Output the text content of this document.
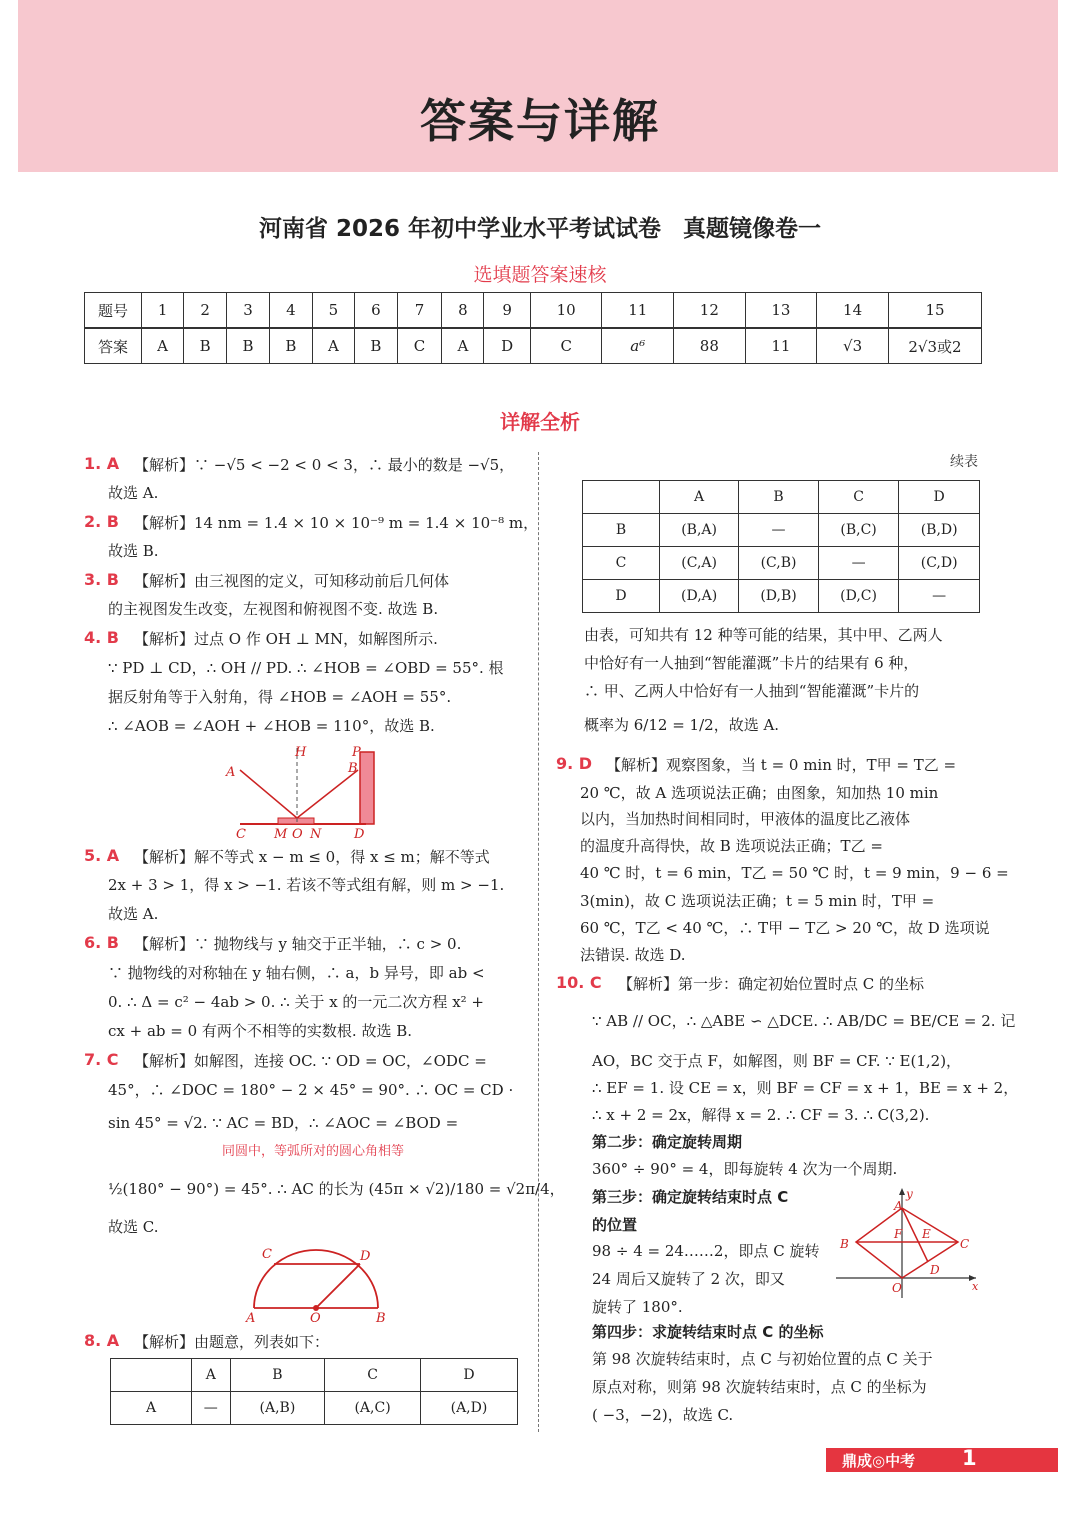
答案与详解
河南省 2026 年初中学业水平考试试卷 真题镜像卷一
选填题答案速核
题号	1	2	3	4	5	6	7	8	9	10	11	12	13	14	15
答案	A	B	B	B	A	B	C	A	D	C	a⁶	88	11	√3	2√3或2
详解全析
1. A 【解析】∵ −√5 < −2 < 0 < 3，∴ 最小的数是 −√5，
故选 A.
2. B 【解析】14 nm = 1.4 × 10 × 10⁻⁹ m = 1.4 × 10⁻⁸ m，
故选 B.
3. B 【解析】由三视图的定义，可知移动前后几何体
的主视图发生改变，左视图和俯视图不变. 故选 B.
4. B 【解析】过点 O 作 OH ⊥ MN，如解图所示.
∵ PD ⊥ CD，∴ OH // PD. ∴ ∠HOB = ∠OBD = 55°. 根
据反射角等于入射角，得 ∠HOB = ∠AOH = 55°.
∴ ∠AOB = ∠AOH + ∠HOB = 110°，故选 B.
A
H	P
B
C M O N	D
5. A 【解析】解不等式 x − m ≤ 0，得 x ≤ m；解不等式
2x + 3 > 1，得 x > −1. 若该不等式组有解，则 m > −1.
故选 A.
6. B 【解析】∵ 抛物线与 y 轴交于正半轴，∴ c > 0.
∵ 抛物线的对称轴在 y 轴右侧，∴ a，b 异号，即 ab <
0. ∴ Δ = c² − 4ab > 0. ∴ 关于 x 的一元二次方程 x² +
cx + ab = 0 有两个不相等的实数根. 故选 B.
7. C 【解析】如解图，连接 OC. ∵ OD = OC，∠ODC =
45°，∴ ∠DOC = 180° − 2 × 45° = 90°. ∴ OC = CD ·
sin 45° = √2. ∵ AC = BD，∴ ∠AOC = ∠BOD =
同圆中，等弧所对的圆心角相等
½(180° − 90°) = 45°. ∴ AC 的长为 (45π × √2)/180 = √2π/4，
故选 C.
C	D
A	O	B
8. A 【解析】由题意，列表如下：
	A	B	C	D
A	—	(A,B)	(A,C)	(A,D)
续表
	A	B	C	D
B	(B,A)	—	(B,C)	(B,D)
C	(C,A)	(C,B)	—	(C,D)
D	(D,A)	(D,B)	(D,C)	—
由表，可知共有 12 种等可能的结果，其中甲、乙两人
中恰好有一人抽到“智能灌溉”卡片的结果有 6 种，
∴ 甲、乙两人中恰好有一人抽到“智能灌溉”卡片的
概率为 6/12 = 1/2，故选 A.
9. D 【解析】观察图象，当 t = 0 min 时，T甲 = T乙 =
20 ℃，故 A 选项说法正确；由图象，知加热 10 min
以内，当加热时间相同时，甲液体的温度比乙液体
的温度升高得快，故 B 选项说法正确；T乙 =
40 ℃ 时，t = 6 min，T乙 = 50 ℃ 时，t = 9 min，9 − 6 =
3(min)，故 C 选项说法正确；t = 5 min 时，T甲 =
60 ℃，T乙 < 40 ℃，∴ T甲 − T乙 > 20 ℃，故 D 选项说
法错误. 故选 D.
10. C 【解析】第一步：确定初始位置时点 C 的坐标
∵ AB // OC，∴ △ABE ∽ △DCE. ∴ AB/DC = BE/CE = 2. 记
AO，BC 交于点 F，如解图，则 BF = CF. ∵ E(1,2)，
∴ EF = 1. 设 CE = x，则 BF = CF = x + 1，BE = x + 2，
∴ x + 2 = 2x，解得 x = 2. ∴ CF = 3. ∴ C(3,2).
第二步：确定旋转周期
360° ÷ 90° = 4，即每旋转 4 次为一个周期.
第三步：确定旋转结束时点 C
的位置
98 ÷ 4 = 24……2，即点 C 旋转
24 周后又旋转了 2 次，即又
旋转了 180°.
第四步：求旋转结束时点 C 的坐标
第 98 次旋转结束时，点 C 与初始位置的点 C 关于
原点对称，则第 98 次旋转结束时，点 C 的坐标为
( −3，−2)，故选 C.
y
A
B
F E
C
D
O	x
鼎成◎中考 1
